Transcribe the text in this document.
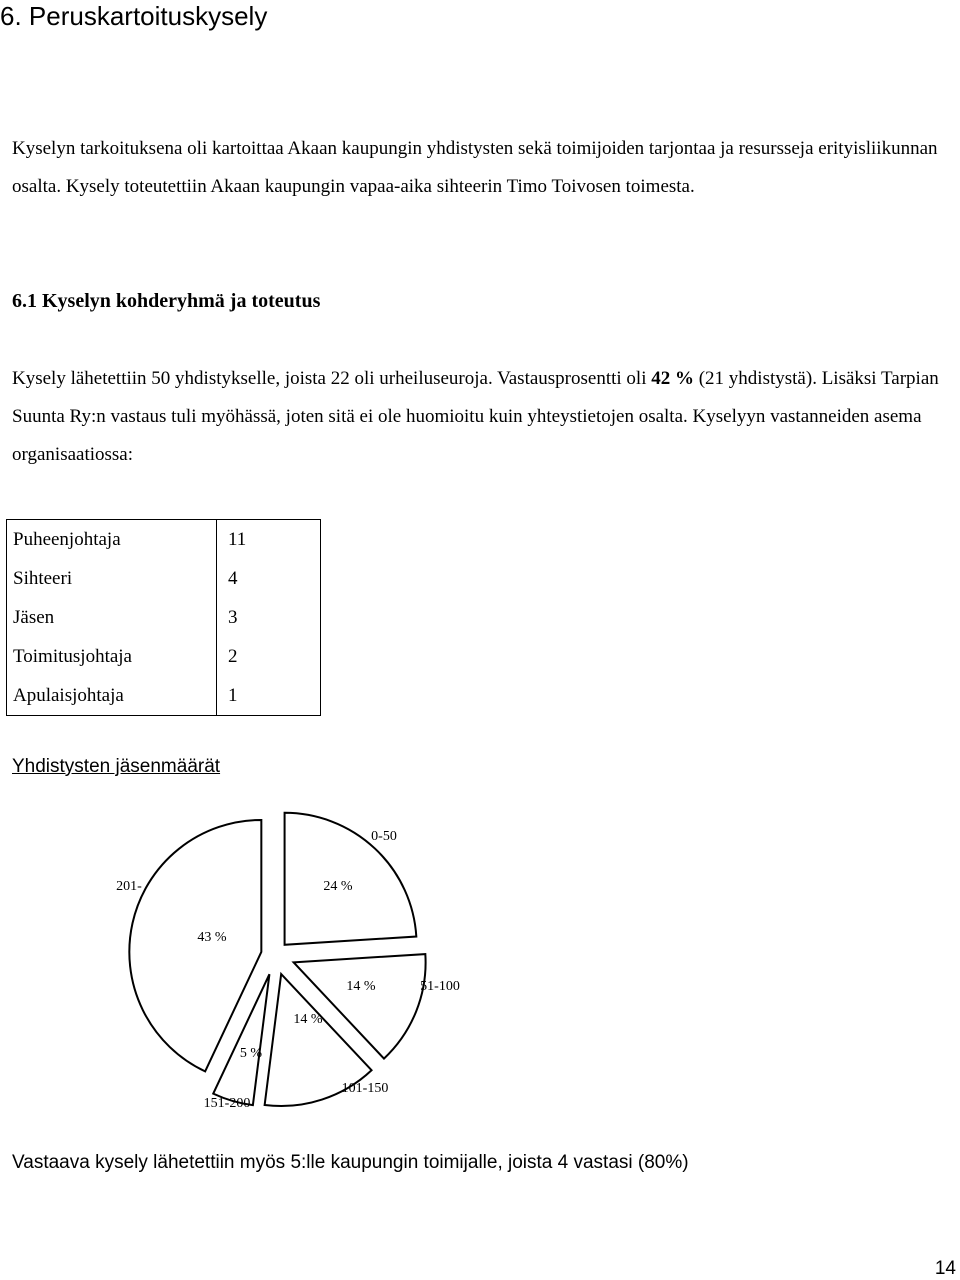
6. Peruskartoituskysely

Kyselyn tarkoituksena oli kartoittaa Akaan kaupungin yhdistysten sekä toimijoiden tarjontaa ja resursseja erityisliikunnan osalta. Kysely toteutettiin Akaan kaupungin vapaa-aika sihteerin Timo Toivosen toimesta.

6.1 Kyselyn kohderyhmä ja toteutus

Kysely lähetettiin 50 yhdistykselle, joista 22 oli urheiluseuroja. Vastausprosentti oli 42 % (21 yhdistystä). Lisäksi Tarpian Suunta Ry:n vastaus tuli myöhässä, joten sitä ei ole huomioitu kuin yhteystietojen osalta. Kyselyyn vastanneiden asema organisaatiossa:

Puheenjohtaja	11
Sihteeri	4
Jäsen	3
Toimitusjohtaja	2
Apulaisjohtaja	1
Yhdistysten jäsenmäärät
24 %
0-50
14 %	51-100
14 %
101-150
5 %
151-200
43 %
201-
Vastaava kysely lähetettiin myös 5:lle kaupungin toimijalle, joista 4 vastasi (80%)
14
